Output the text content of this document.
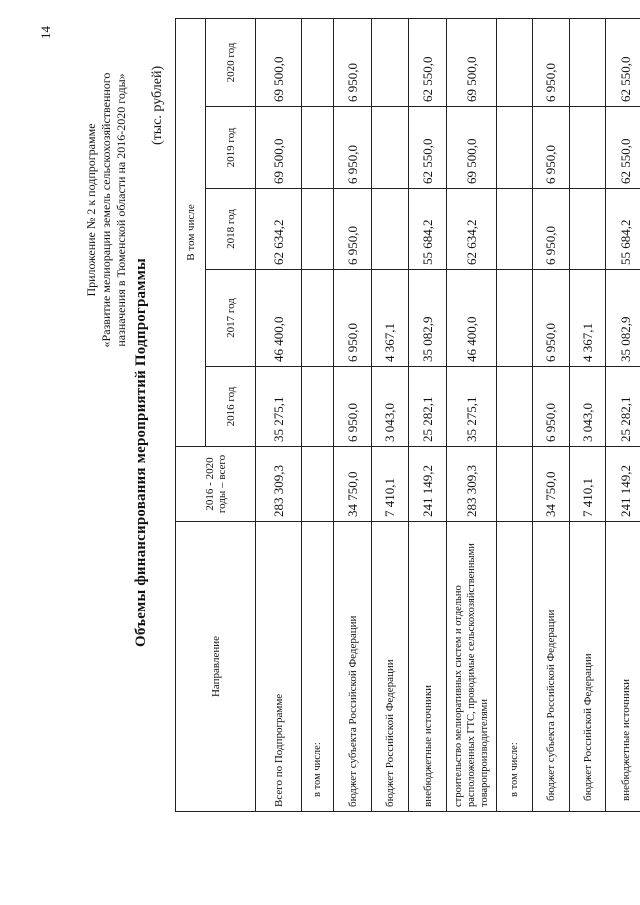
14
Приложение № 2 к подпрограмме «Развитие мелиорации земель сельскохозяйственного назначения в Тюменской области на 2016-2020 годы»
Объемы финансирования мероприятий Подпрограммы
(тыс. рублей)
Направление	2016 - 2020 годы – всего	В том числе				
		2016 год	2017 год	2018 год	2019 год	2020 год
Всего по Подпрограмме	283 309,3	35 275,1	46 400,0	62 634,2	69 500,0	69 500,0
в том числе:						
бюджет субъекта Российской Федерации	34 750,0	6 950,0	6 950,0	6 950,0	6 950,0	6 950,0
бюджет Российской Федерации	7 410,1	3 043,0	4 367,1			
внебюджетные источники	241 149,2	25 282,1	35 082,9	55 684,2	62 550,0	62 550,0
строительство мелиоративных систем и отдельно расположенных ГТС, проводимые сельскохозяйственными товаропроизводителями	283 309,3	35 275,1	46 400,0	62 634,2	69 500,0	69 500,0
в том числе:						
бюджет субъекта Российской Федерации	34 750,0	6 950,0	6 950,0	6 950,0	6 950,0	6 950,0
бюджет Российской Федерации	7 410,1	3 043,0	4 367,1			
внебюджетные источники	241 149,2	25 282,1	35 082,9	55 684,2	62 550,0	62 550,0
